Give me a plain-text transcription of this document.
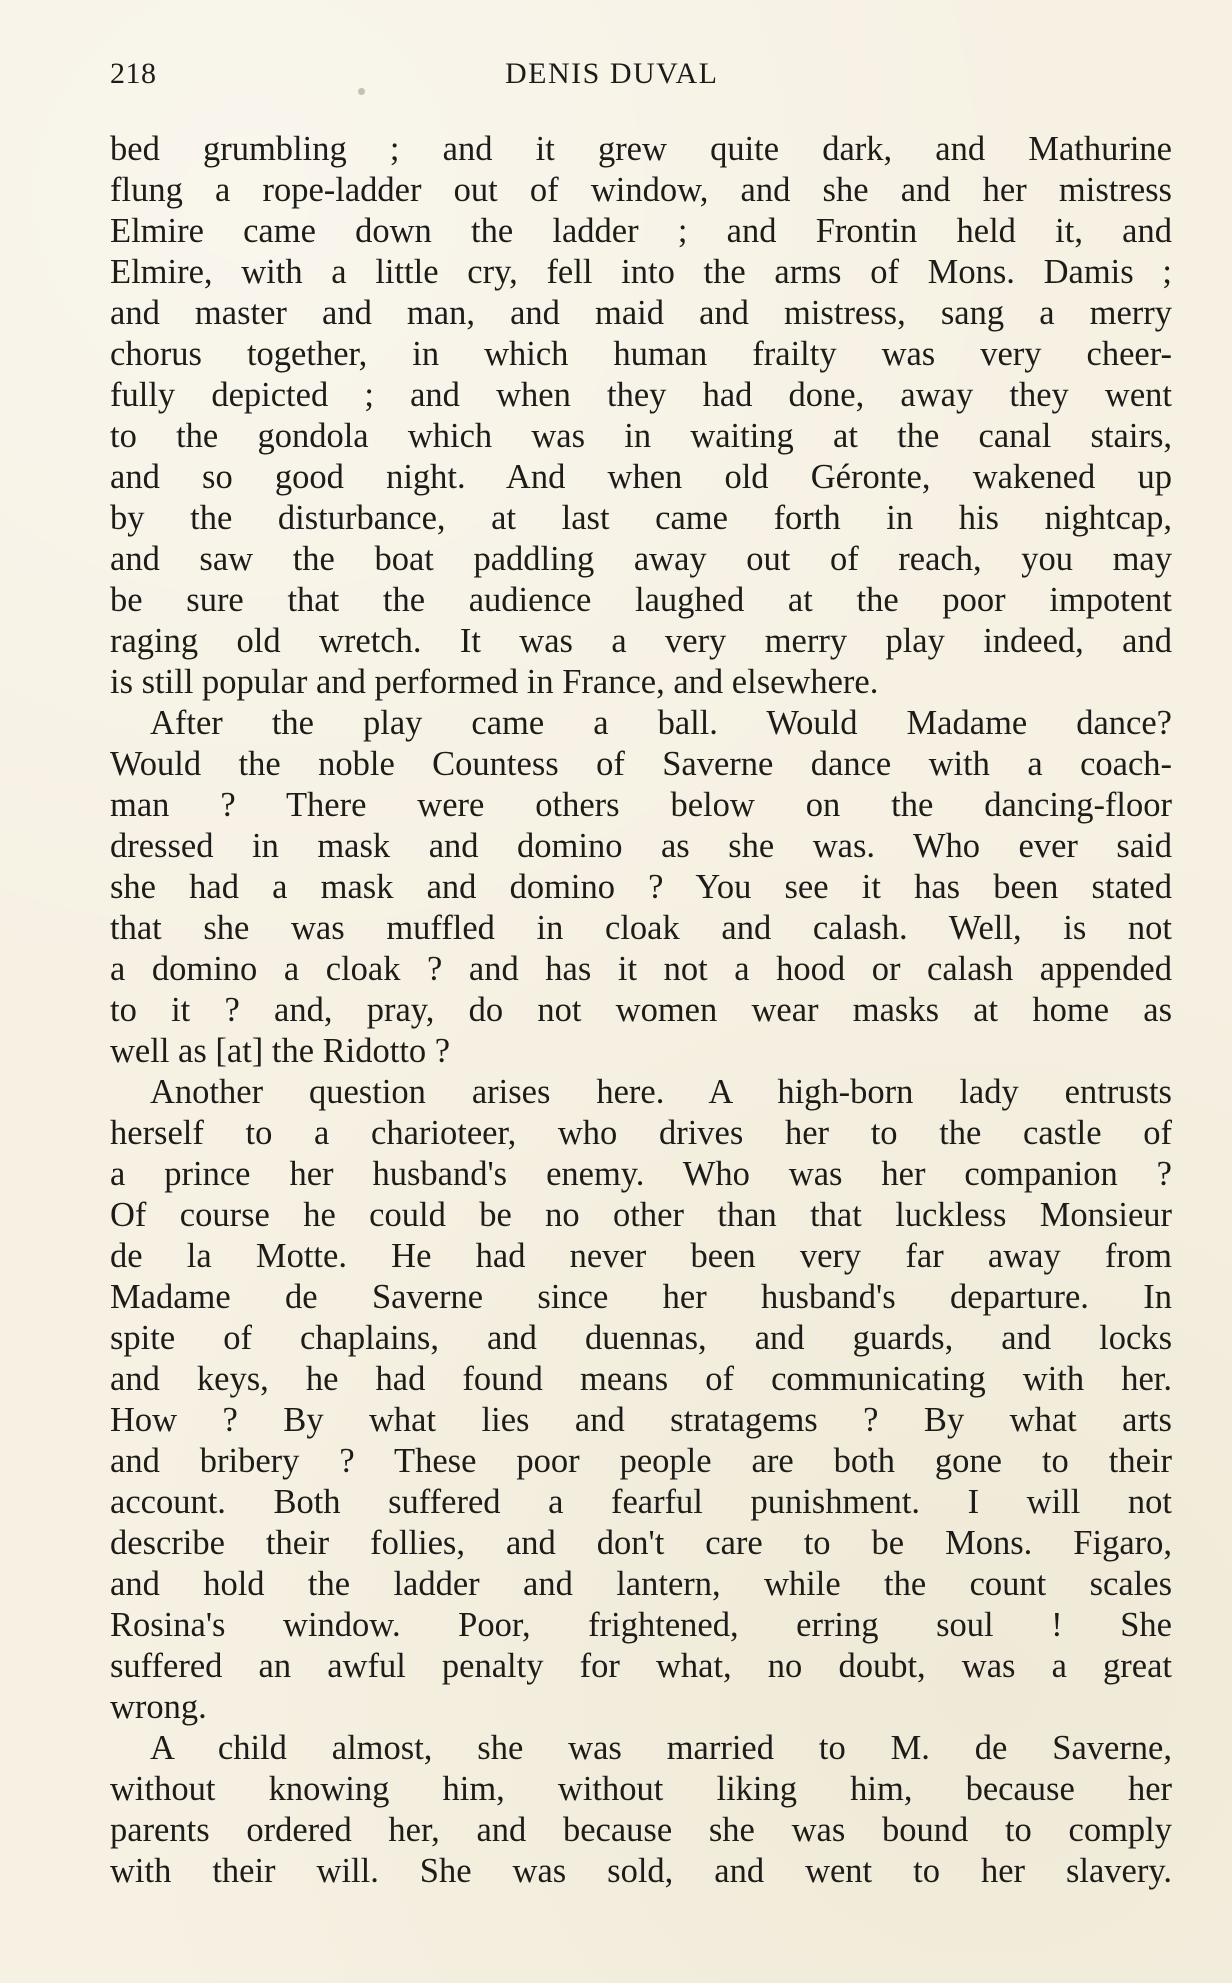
218	DENIS DUVAL
bed grumbling ; and it grew quite dark, and Mathurine
flung a rope-ladder out of window, and she and her mistress
Elmire came down the ladder ; and Frontin held it, and
Elmire, with a little cry, fell into the arms of Mons. Damis ;
and master and man, and maid and mistress, sang a merry
chorus together, in which human frailty was very cheer-
fully depicted ; and when they had done, away they went
to the gondola which was in waiting at the canal stairs,
and so good night. And when old Géronte, wakened up
by the disturbance, at last came forth in his nightcap,
and saw the boat paddling away out of reach, you may
be sure that the audience laughed at the poor impotent
raging old wretch. It was a very merry play indeed, and
is still popular and performed in France, and elsewhere.
After the play came a ball. Would Madame dance?
Would the noble Countess of Saverne dance with a coach-
man ? There were others below on the dancing-floor
dressed in mask and domino as she was. Who ever said
she had a mask and domino ? You see it has been stated
that she was muffled in cloak and calash. Well, is not
a domino a cloak ? and has it not a hood or calash appended
to it ? and, pray, do not women wear masks at home as
well as [at] the Ridotto ?
Another question arises here. A high-born lady entrusts
herself to a charioteer, who drives her to the castle of
a prince her husband's enemy. Who was her companion ?
Of course he could be no other than that luckless Monsieur
de la Motte. He had never been very far away from
Madame de Saverne since her husband's departure. In
spite of chaplains, and duennas, and guards, and locks
and keys, he had found means of communicating with her.
How ? By what lies and stratagems ? By what arts
and bribery ? These poor people are both gone to their
account. Both suffered a fearful punishment. I will not
describe their follies, and don't care to be Mons. Figaro,
and hold the ladder and lantern, while the count scales
Rosina's window. Poor, frightened, erring soul ! She
suffered an awful penalty for what, no doubt, was a great
wrong.
A child almost, she was married to M. de Saverne,
without knowing him, without liking him, because her
parents ordered her, and because she was bound to comply
with their will. She was sold, and went to her slavery.
